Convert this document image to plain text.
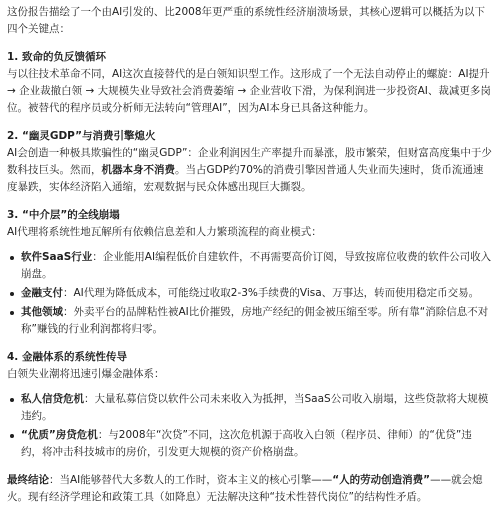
这份报告描绘了一个由AI引发的、比2008年更严重的系统性经济崩溃场景，其核心逻辑可以概括为以下四个关键点：

1. 致命的负反馈循环

与以往技术革命不同，AI这次直接替代的是白领知识型工作。这形成了一个无法自动停止的螺旋：AI提升→ 企业裁撤白领 → 大规模失业导致社会消费萎缩 → 企业营收下滑，为保利润进一步投资AI、裁减更多岗位。被替代的程序员或分析师无法转向“管理AI”，因为AI本身已具备这种能力。

2. “幽灵GDP”与消费引擎熄火

AI会创造一种极具欺骗性的“幽灵GDP”：企业利润因生产率提升而暴涨，股市繁荣，但财富高度集中于少数科技巨头。然而，机器本身不消费。当占GDP约70%的消费引擎因普通人失业而失速时，货币流通速度暴跌，实体经济陷入通缩，宏观数据与民众体感出现巨大撕裂。

3. “中介层”的全线崩塌

AI代理将系统性地瓦解所有依赖信息差和人力繁琐流程的商业模式：

软件SaaS行业：企业能用AI编程低价自建软件，不再需要高价订阅，导致按席位收费的软件公司收入崩盘。
金融支付：AI代理为降低成本，可能绕过收取2-3%手续费的Visa、万事达，转而使用稳定币交易。
其他领域：外卖平台的品牌粘性被AI比价摧毁，房地产经纪的佣金被压缩至零。所有靠“消除信息不对称”赚钱的行业利润都将归零。
4. 金融体系的系统性传导

白领失业潮将迅速引爆金融体系：

私人信贷危机：大量私募信贷以软件公司未来收入为抵押，当SaaS公司收入崩塌，这些贷款将大规模违约。
“优质”房贷危机：与2008年“次贷”不同，这次危机源于高收入白领（程序员、律师）的“优贷”违约，将冲击科技城市的房价，引发更大规模的资产价格崩盘。

最终结论：当AI能够替代大多数人的工作时，资本主义的核心引擎——“人的劳动创造消费”——就会熄火。现有经济学理论和政策工具（如降息）无法解决这种“技术性替代岗位”的结构性矛盾。
